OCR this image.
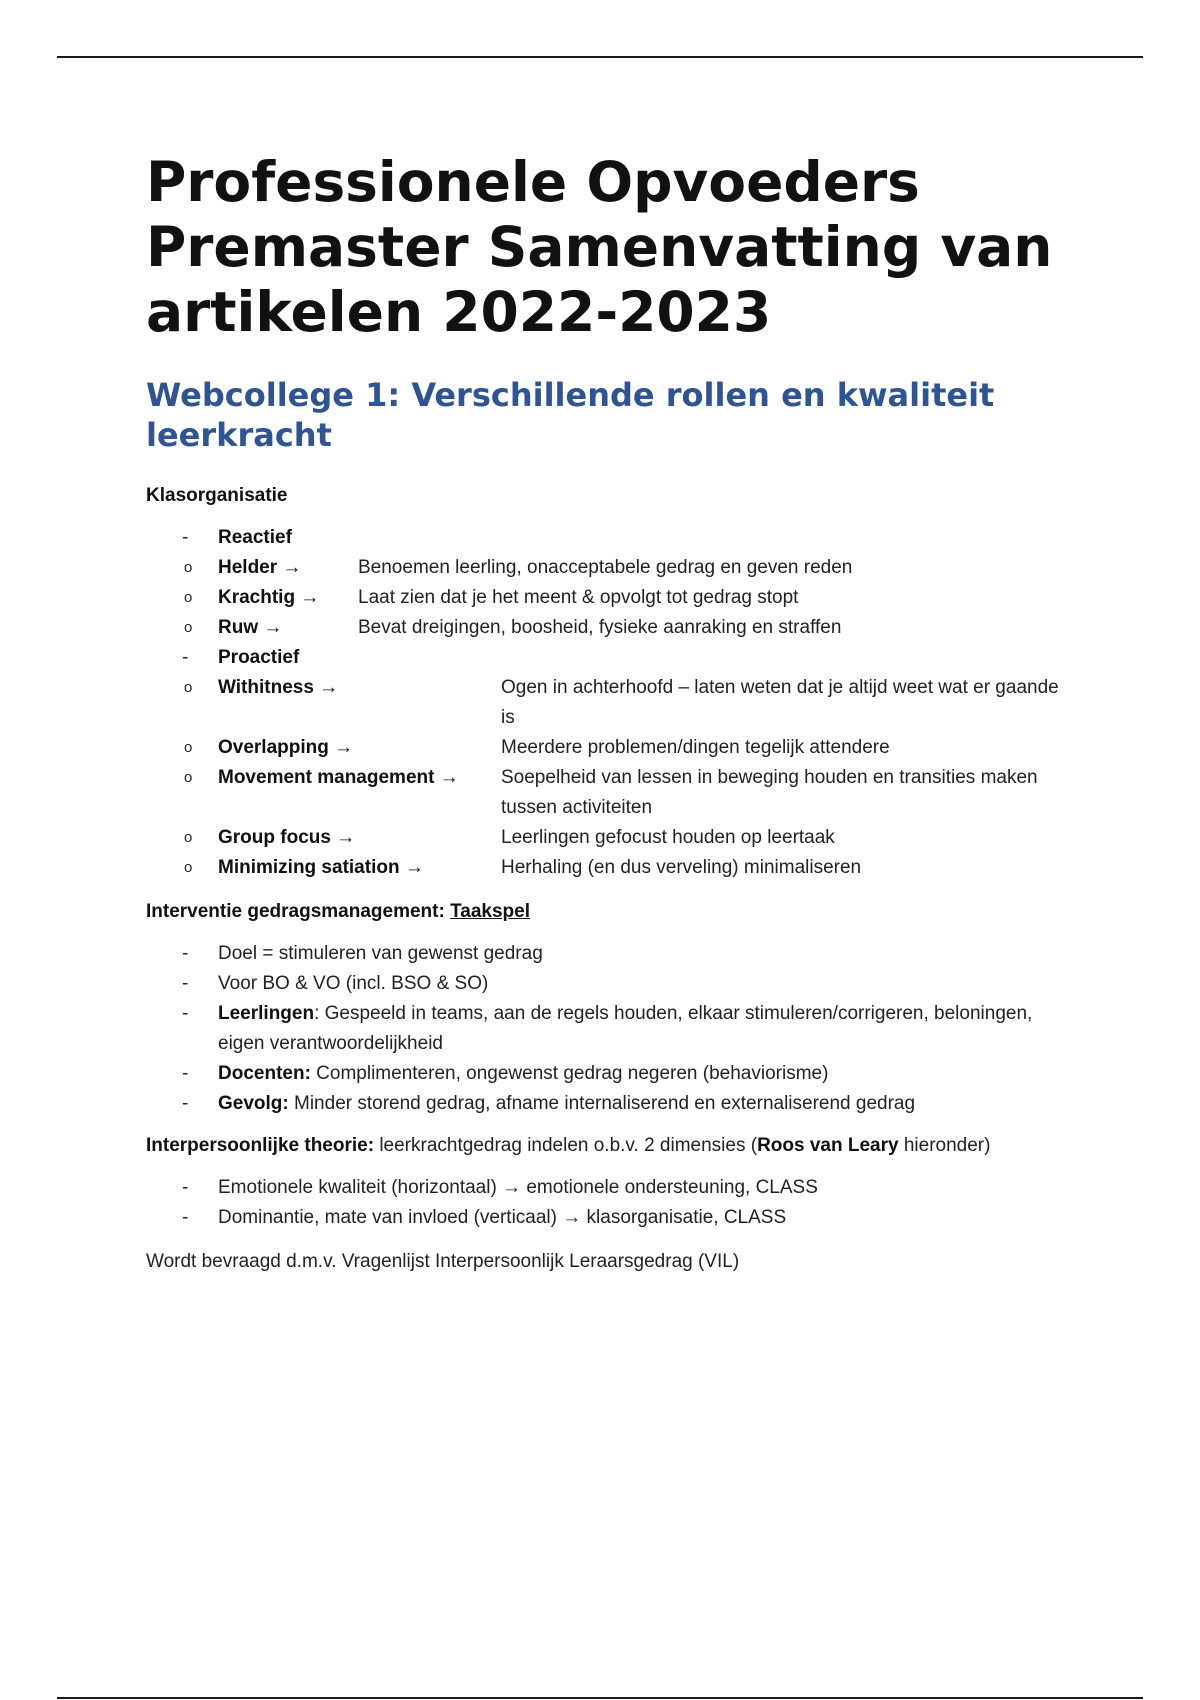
Professionele Opvoeders Premaster Samenvatting van artikelen 2022-2023
Webcollege 1: Verschillende rollen en kwaliteit leerkracht
Klasorganisatie
- Reactief
o Helder →	Benoemen leerling, onacceptabele gedrag en geven reden
o Krachtig →	Laat zien dat je het meent & opvolgt tot gedrag stopt
o Ruw →	Bevat dreigingen, boosheid, fysieke aanraking en straffen
- Proactief
o Withitness →	Ogen in achterhoofd – laten weten dat je altijd weet wat er gaande is
o Overlapping →	Meerdere problemen/dingen tegelijk attendere
o Movement management →	Soepelheid van lessen in beweging houden en transities maken tussen activiteiten
o Group focus →	Leerlingen gefocust houden op leertaak
o Minimizing satiation →	Herhaling (en dus verveling) minimaliseren
Interventie gedragsmanagement: Taakspel
- Doel = stimuleren van gewenst gedrag
- Voor BO & VO (incl. BSO & SO)
- Leerlingen: Gespeeld in teams, aan de regels houden, elkaar stimuleren/corrigeren, beloningen, eigen verantwoordelijkheid
- Docenten: Complimenteren, ongewenst gedrag negeren (behaviorisme)
- Gevolg: Minder storend gedrag, afname internaliserend en externaliserend gedrag
Interpersoonlijke theorie: leerkrachtgedrag indelen o.b.v. 2 dimensies (Roos van Leary hieronder)
- Emotionele kwaliteit (horizontaal) → emotionele ondersteuning, CLASS
- Dominantie, mate van invloed (verticaal) → klasorganisatie, CLASS
Wordt bevraagd d.m.v. Vragenlijst Interpersoonlijk Leraarsgedrag (VIL)
